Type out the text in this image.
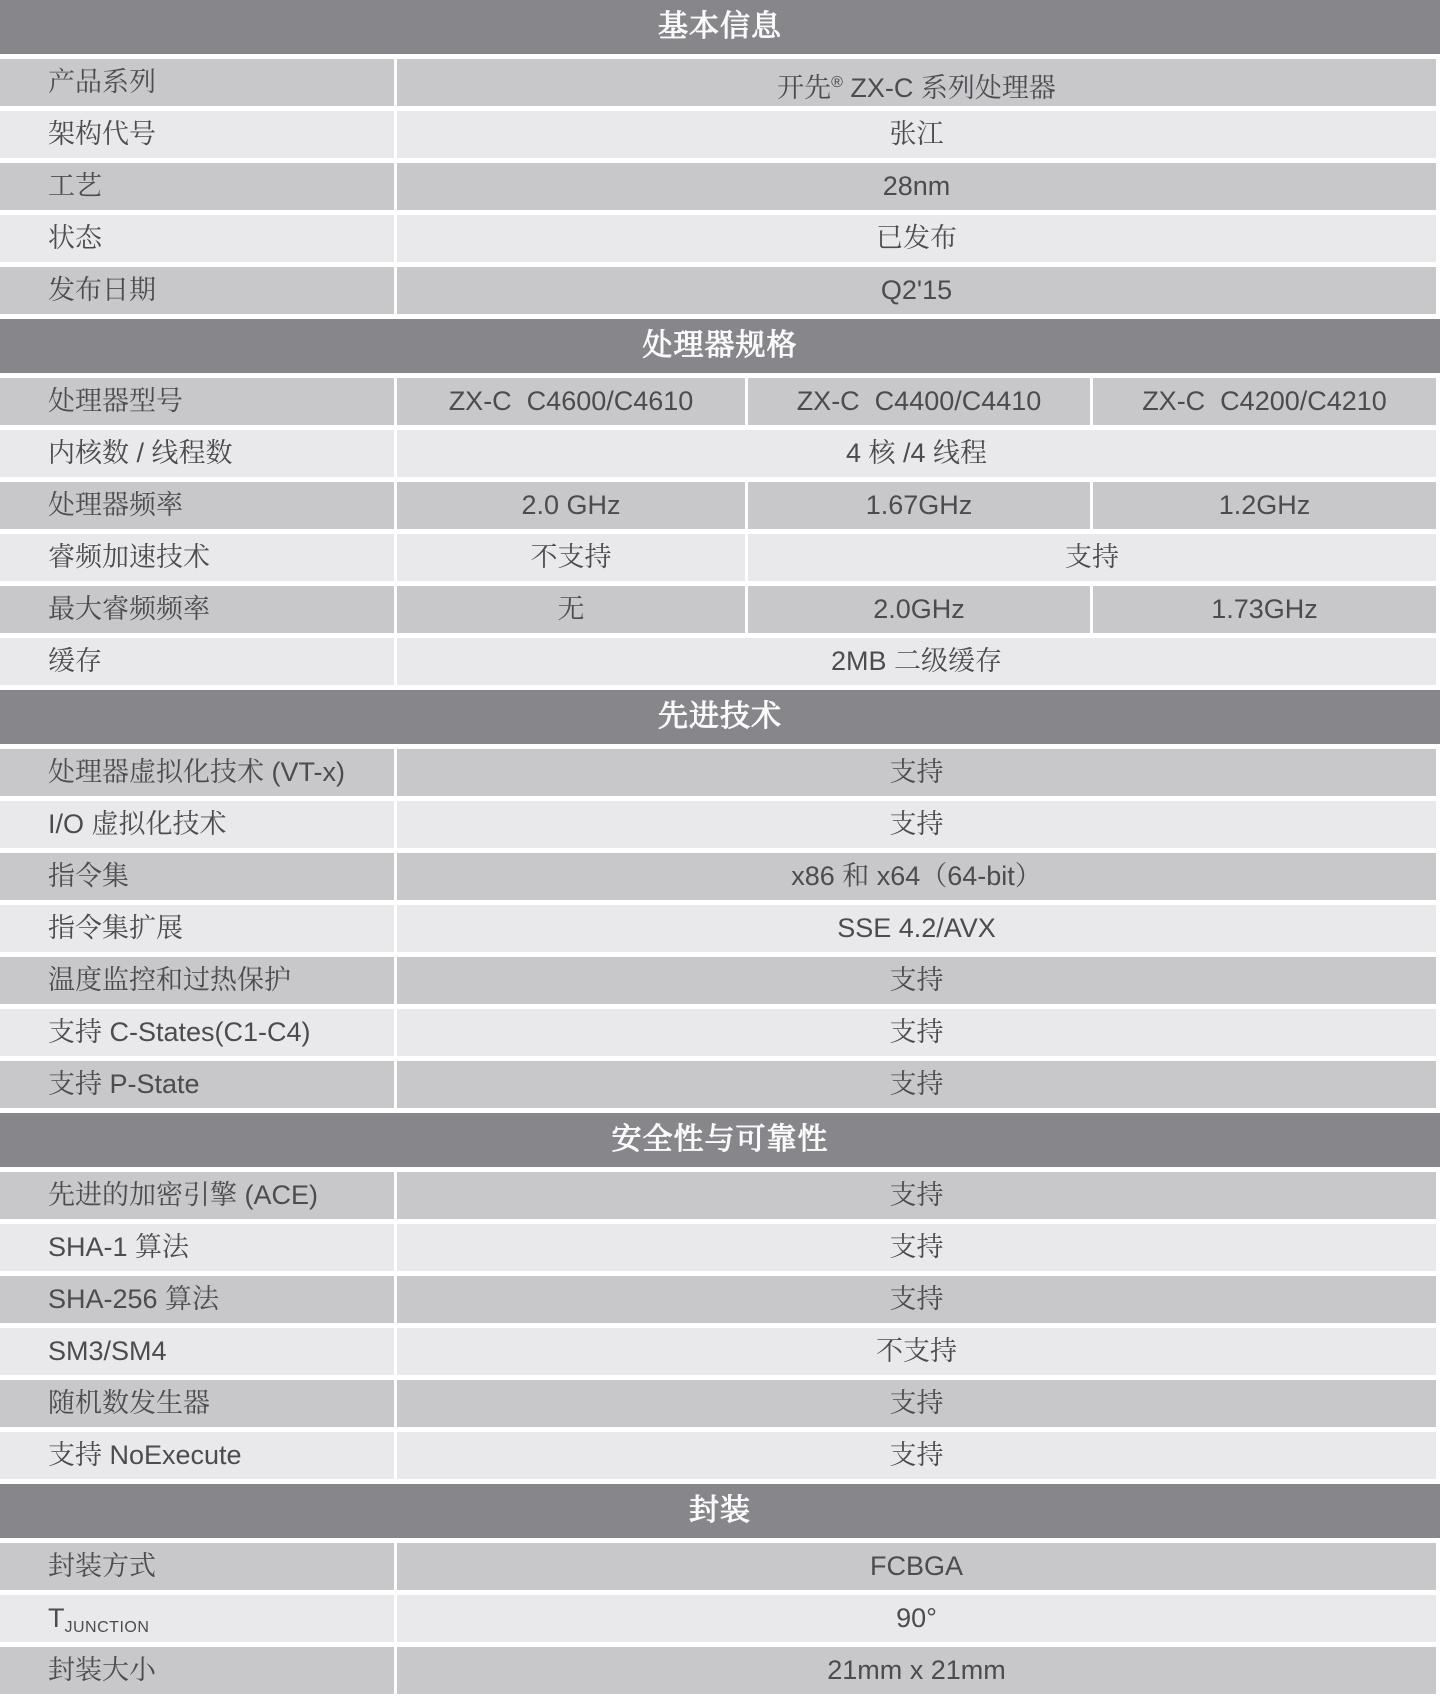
基本信息
产品系列	开先® ZX-C 系列处理器
架构代号	张江
工艺	28nm
状态	已发布
发布日期	Q2'15
处理器规格
处理器型号	ZX-C  C4600/C4610	ZX-C  C4400/C4410	ZX-C  C4200/C4210
内核数 / 线程数	4 核 /4 线程
处理器频率	2.0 GHz	1.67GHz	1.2GHz
睿频加速技术	不支持	支持
最大睿频频率	无	2.0GHz	1.73GHz
缓存	2MB 二级缓存
先进技术
处理器虚拟化技术 (VT-x)	支持
I/O 虚拟化技术	支持
指令集	x86 和 x64（64-bit）
指令集扩展	SSE 4.2/AVX
温度监控和过热保护	支持
支持 C-States(C1-C4)	支持
支持 P-State	支持
安全性与可靠性
先进的加密引擎 (ACE)	支持
SHA-1 算法	支持
SHA-256 算法	支持
SM3/SM4	不支持
随机数发生器	支持
支持 NoExecute	支持
封装
封装方式	FCBGA
TJUNCTION	90°
封装大小	21mm x 21mm
